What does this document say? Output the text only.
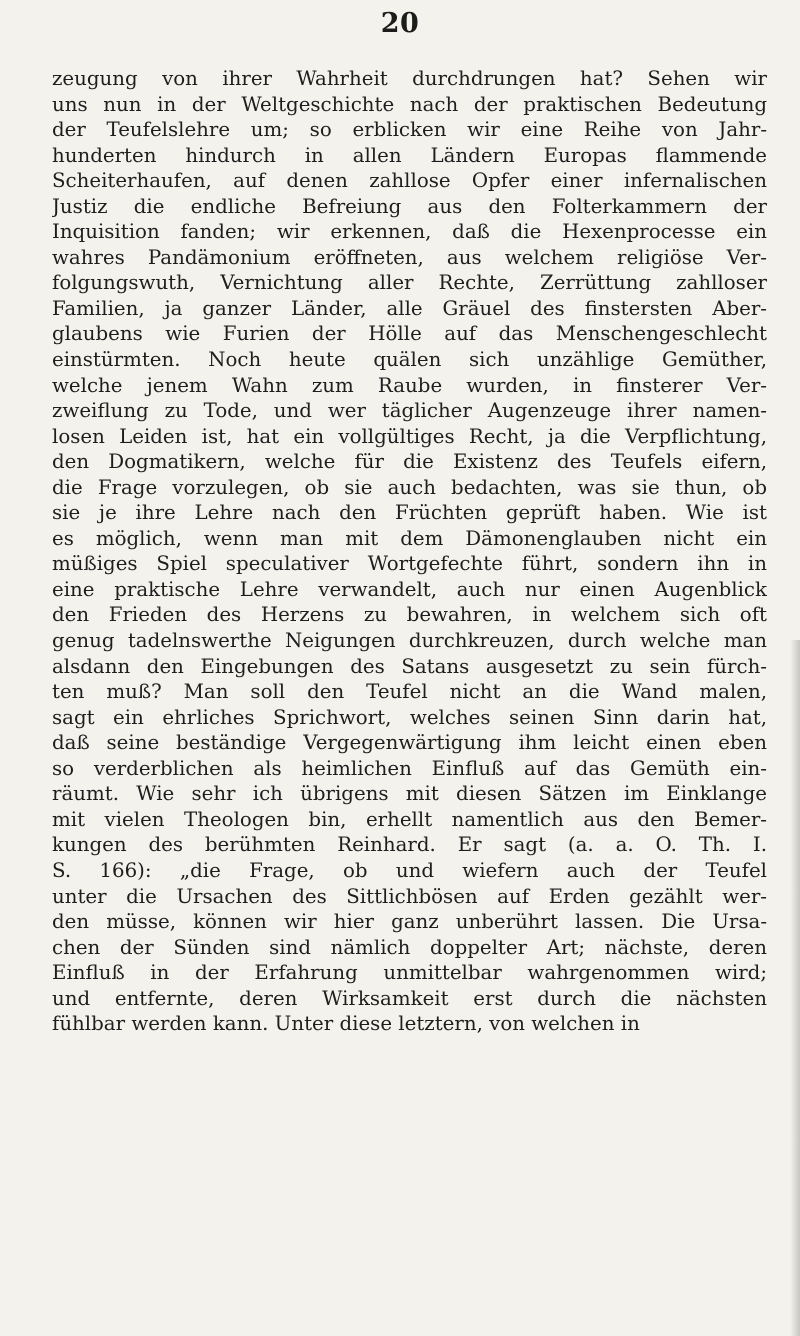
20
zeugung von ihrer Wahrheit durchdrungen hat? Sehen wir
uns nun in der Weltgeschichte nach der praktischen Bedeutung
der Teufelslehre um; so erblicken wir eine Reihe von Jahr-
hunderten hindurch in allen Ländern Europas flammende
Scheiterhaufen, auf denen zahllose Opfer einer infernalischen
Justiz die endliche Befreiung aus den Folterkammern der
Inquisition fanden; wir erkennen, daß die Hexenprocesse ein
wahres Pandämonium eröffneten, aus welchem religiöse Ver-
folgungswuth, Vernichtung aller Rechte, Zerrüttung zahlloser
Familien, ja ganzer Länder, alle Gräuel des finstersten Aber-
glaubens wie Furien der Hölle auf das Menschengeschlecht
einstürmten. Noch heute quälen sich unzählige Gemüther,
welche jenem Wahn zum Raube wurden, in finsterer Ver-
zweiflung zu Tode, und wer täglicher Augenzeuge ihrer namen-
losen Leiden ist, hat ein vollgültiges Recht, ja die Verpflichtung,
den Dogmatikern, welche für die Existenz des Teufels eifern,
die Frage vorzulegen, ob sie auch bedachten, was sie thun, ob
sie je ihre Lehre nach den Früchten geprüft haben. Wie ist
es möglich, wenn man mit dem Dämonenglauben nicht ein
müßiges Spiel speculativer Wortgefechte führt, sondern ihn in
eine praktische Lehre verwandelt, auch nur einen Augenblick
den Frieden des Herzens zu bewahren, in welchem sich oft
genug tadelnswerthe Neigungen durchkreuzen, durch welche man
alsdann den Eingebungen des Satans ausgesetzt zu sein fürch-
ten muß? Man soll den Teufel nicht an die Wand malen,
sagt ein ehrliches Sprichwort, welches seinen Sinn darin hat,
daß seine beständige Vergegenwärtigung ihm leicht einen eben
so verderblichen als heimlichen Einfluß auf das Gemüth ein-
räumt. Wie sehr ich übrigens mit diesen Sätzen im Einklange
mit vielen Theologen bin, erhellt namentlich aus den Bemer-
kungen des berühmten Reinhard. Er sagt (a. a. O. Th. I.
S. 166): „die Frage, ob und wiefern auch der Teufel
unter die Ursachen des Sittlichbösen auf Erden gezählt wer-
den müsse, können wir hier ganz unberührt lassen. Die Ursa-
chen der Sünden sind nämlich doppelter Art; nächste, deren
Einfluß in der Erfahrung unmittelbar wahrgenommen wird;
und entfernte, deren Wirksamkeit erst durch die nächsten
fühlbar werden kann. Unter diese letztern, von welchen in
